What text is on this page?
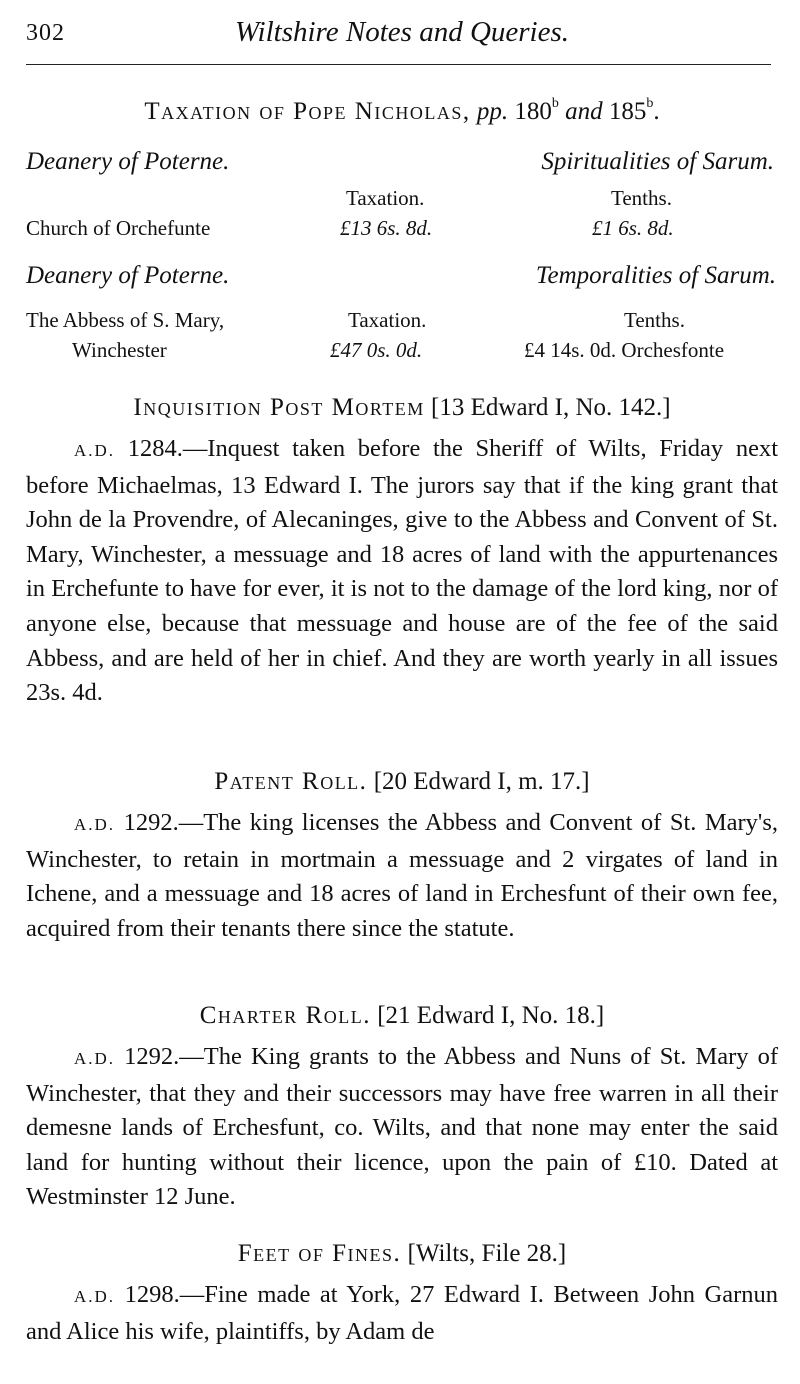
302	Wiltshire Notes and Queries.
Taxation of Pope Nicholas, pp. 180$^b$ and 185$^b$.
Deanery of Poterne.	Spiritualities of Sarum.
Taxation.	Tenths.
Church of Orchefunte	£13 6s. 8d.	£1 6s. 8d.
Deanery of Poterne.	Temporalities of Sarum.
The Abbess of S. Mary,	Taxation.	Tenths.
Winchester	£47 0s. 0d.	£4 14s. 0d. Orchesfonte
Inquisition Post Mortem [13 Edward I, No. 142.]

A.D. 1284.—Inquest taken before the Sheriff of Wilts, Friday next before Michaelmas, 13 Edward I. The jurors say that if the king grant that John de la Provendre, of Alecaninges, give to the Abbess and Convent of St. Mary, Winchester, a messuage and 18 acres of land with the appurtenances in Erchefunte to have for ever, it is not to the damage of the lord king, nor of anyone else, because that messuage and house are of the fee of the said Abbess, and are held of her in chief. And they are worth yearly in all issues 23s. 4d.

Patent Roll. [20 Edward I, m. 17.]

A.D. 1292.—The king licenses the Abbess and Convent of St. Mary's, Winchester, to retain in mortmain a messuage and 2 virgates of land in Ichene, and a messuage and 18 acres of land in Erchesfunt of their own fee, acquired from their tenants there since the statute.

Charter Roll. [21 Edward I, No. 18.]

A.D. 1292.—The King grants to the Abbess and Nuns of St. Mary of Winchester, that they and their successors may have free warren in all their demesne lands of Erchesfunt, co. Wilts, and that none may enter the said land for hunting without their licence, upon the pain of £10. Dated at Westminster 12 June.

Feet of Fines. [Wilts, File 28.]

A.D. 1298.—Fine made at York, 27 Edward I. Between John Garnun and Alice his wife, plaintiffs, by Adam de
